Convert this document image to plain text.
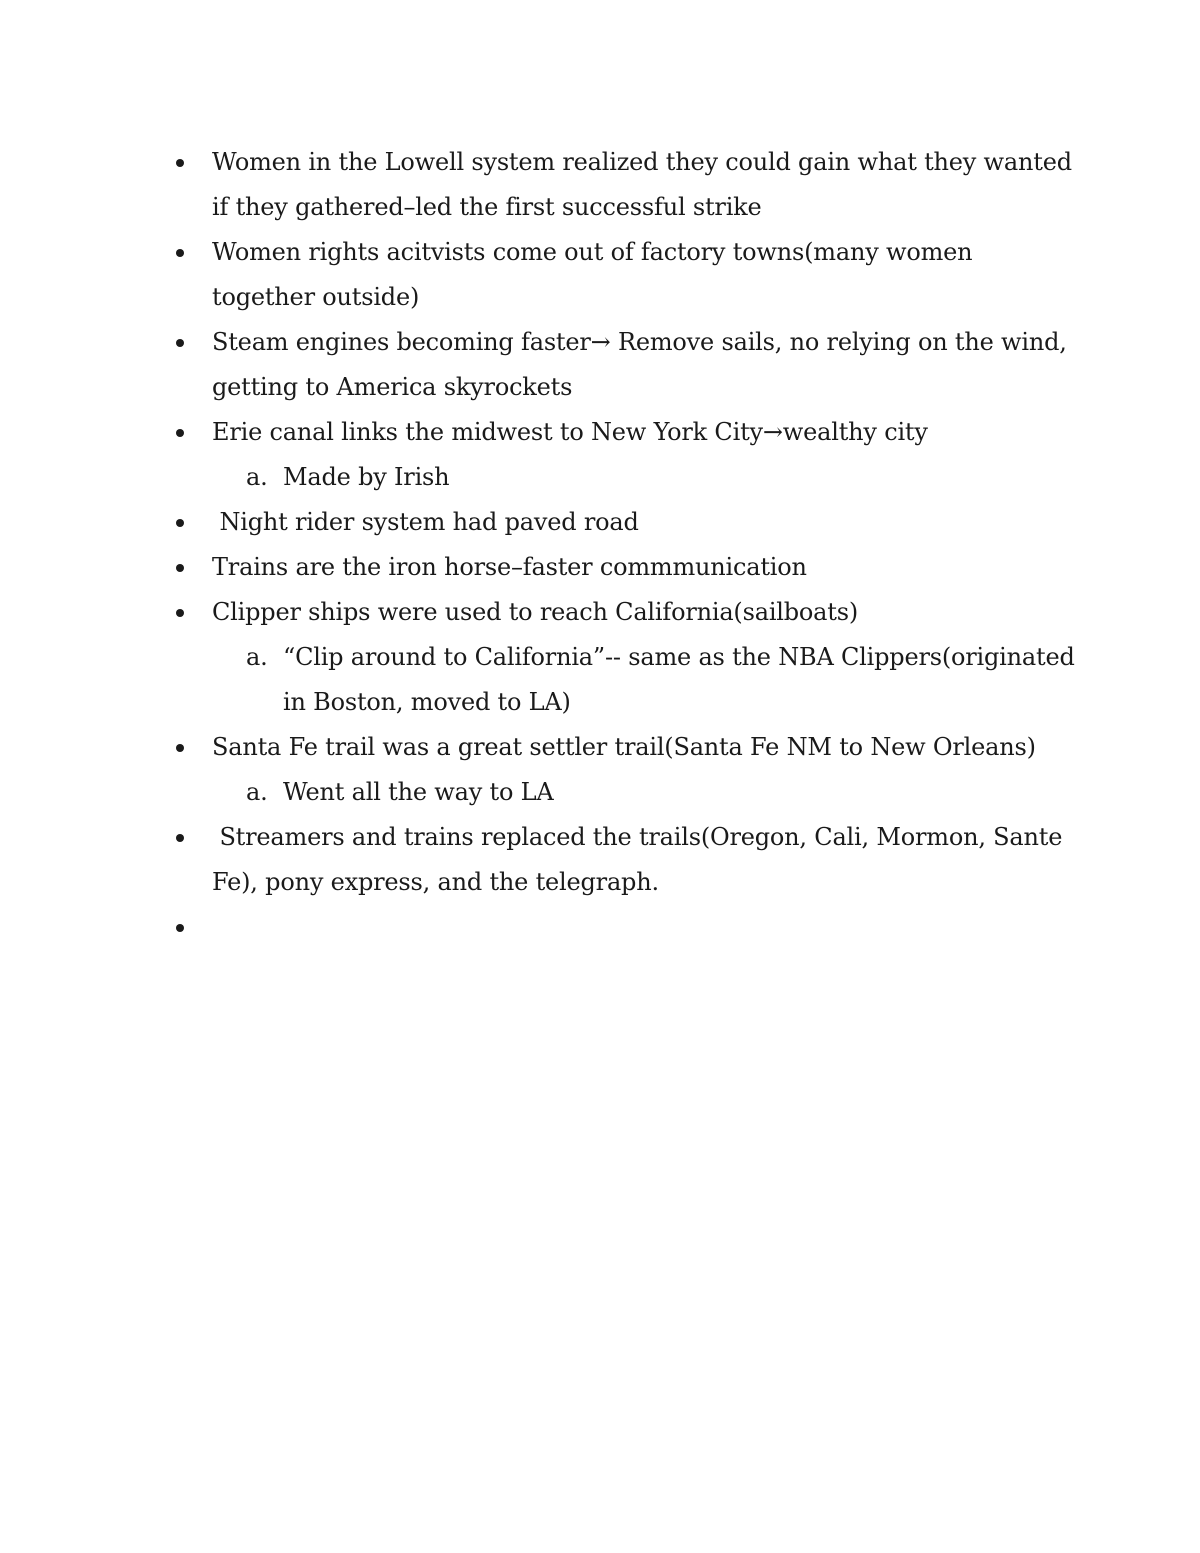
Women in the Lowell system realized they could gain what they wanted if they gathered–led the first successful strike
Women rights acitvists come out of factory towns(many women together outside)
Steam engines becoming faster→ Remove sails, no relying on the wind, getting to America skyrockets
Erie canal links the midwest to New York City→wealthy city
a. Made by Irish
Night rider system had paved road
Trains are the iron horse–faster commmunication
Clipper ships were used to reach California(sailboats)
a. “Clip around to California”-- same as the NBA Clippers(originated in Boston, moved to LA)
Santa Fe trail was a great settler trail(Santa Fe NM to New Orleans)
a. Went all the way to LA
Streamers and trains replaced the trails(Oregon, Cali, Mormon, Sante Fe), pony express, and the telegraph.
